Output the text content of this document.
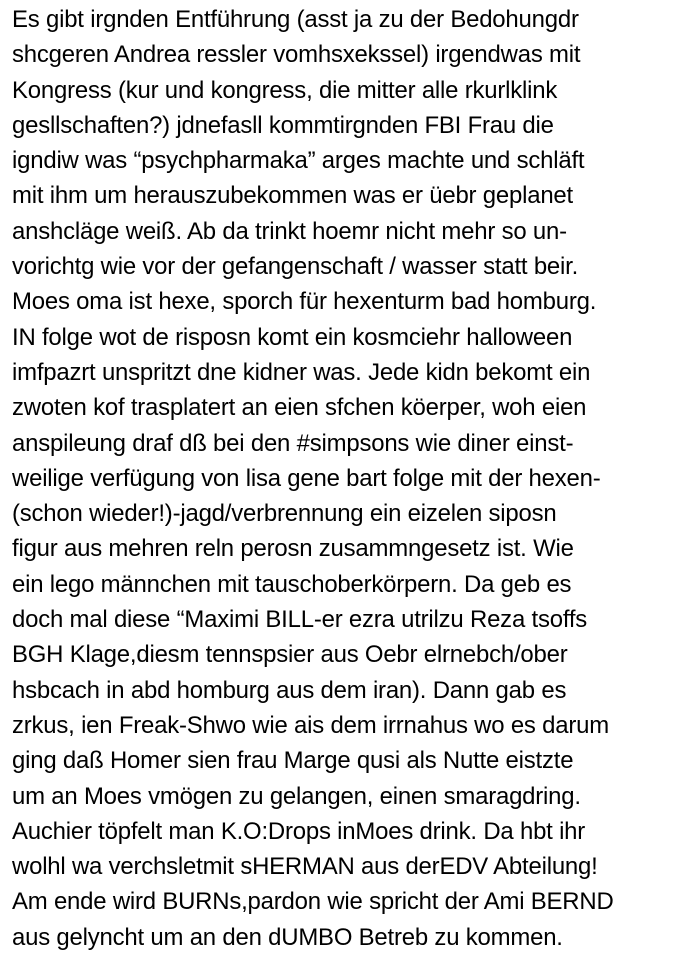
Es gibt irgnden Entführung (asst ja zu der Bedohungdr
shcgeren Andrea ressler vomhsxekssel) irgendwas mit
Kongress (kur und kongress, die mitter alle rkurlklink
gesllschaften?) jdnefasll kommtirgnden FBI Frau die
igndiw was “psychpharmaka” arges machte und schläft
mit ihm um herauszubekommen was er üebr geplanet
anshcläge weiß. Ab da trinkt hoemr nicht mehr so un-
vorichtg wie vor der gefangenschaft / wasser statt beir.
Moes oma ist hexe, sporch für hexenturm bad homburg.
IN folge wot de risposn komt ein kosmciehr halloween
imfpazrt unspritzt dne kidner was. Jede kidn bekomt ein
zwoten kof trasplatert an eien sfchen köerper, woh eien
anspileung draf dß bei den #simpsons wie diner einst-
weilige verfügung von lisa gene bart folge mit der hexen-
(schon wieder!)-jagd/verbrennung ein eizelen siposn
figur aus mehren reln perosn zusammngesetz ist. Wie
ein lego männchen mit tauschoberkörpern. Da geb es
doch mal diese “Maximi BILL-er ezra utrilzu Reza tsoffs
BGH Klage,diesm tennspsier aus Oebr elrnebch/ober
hsbcach in abd homburg aus dem iran). Dann gab es
zrkus, ien Freak-Shwo wie ais dem irrnahus wo es darum
ging daß Homer sien frau Marge qusi als Nutte eistzte
um an Moes vmögen zu gelangen, einen smaragdring.
Auchier töpfelt man K.O:Drops inMoes drink. Da hbt ihr
wolhl wa verchsletmit sHERMAN aus derEDV Abteilung!
Am ende wird BURNs,pardon wie spricht der Ami BERND
aus gelyncht um an den dUMBO Betreb zu kommen.
